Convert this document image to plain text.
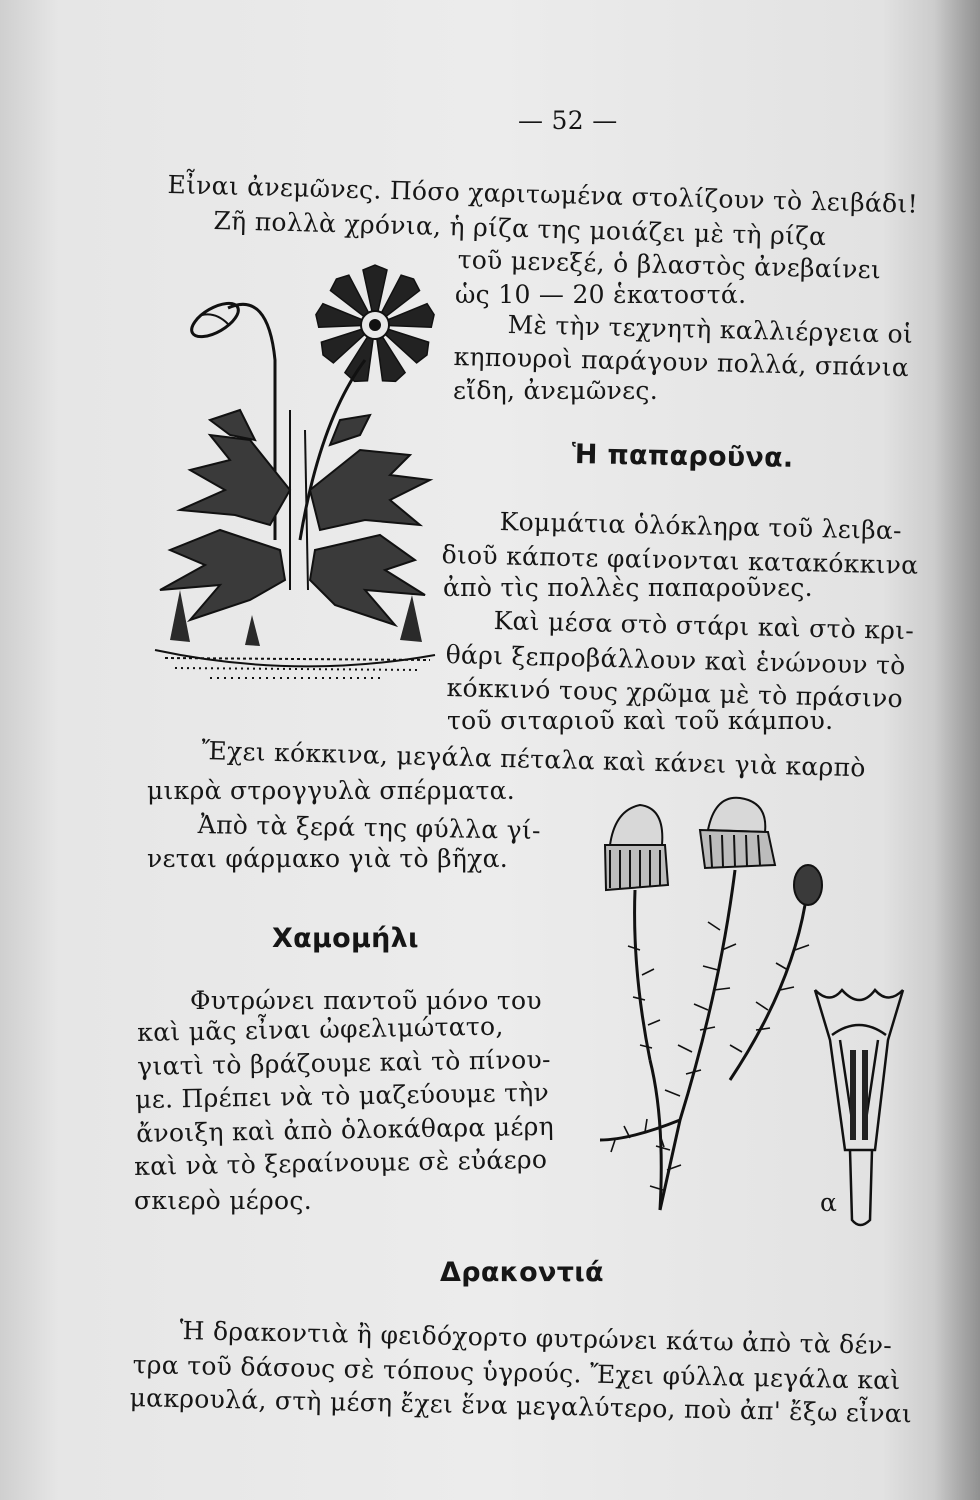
— 52 —
Εἶναι ἀνεμῶνες. Πόσο χαριτωμένα στολίζουν τὸ λειβάδι!
Ζῆ πολλὰ χρόνια, ἡ ρίζα της μοιάζει μὲ τὴ ρίζα
τοῦ μενεξέ, ὁ βλαστὸς ἀνεβαίνει
ὡς 10 — 20 ἑκατοστά.
Μὲ τὴν τεχνητὴ καλλιέργεια οἱ
κηπουροὶ παράγουν πολλά, σπάνια
εἴδη, ἀνεμῶνες.
Ἡ παπαροῦνα.
Κομμάτια ὁλόκληρα τοῦ λειβα-
διοῦ κάποτε φαίνονται κατακόκκινα
ἀπὸ τὶς πολλὲς παπαροῦνες.
Καὶ μέσα στὸ στάρι καὶ στὸ κρι-
θάρι ξεπροβάλλουν καὶ ἑνώνουν τὸ
κόκκινό τους χρῶμα μὲ τὸ πράσινο
τοῦ σιταριοῦ καὶ τοῦ κάμπου.
Ἔχει κόκκινα, μεγάλα πέταλα καὶ κάνει γιὰ καρπὸ
μικρὰ στρογγυλὰ σπέρματα.
Ἀπὸ τὰ ξερά της φύλλα γί-
νεται φάρμακο γιὰ τὸ βῆχα.
Χαμομήλι
Φυτρώνει παντοῦ μόνο του
καὶ μᾶς εἶναι ὠφελιμώτατο,
γιατὶ τὸ βράζουμε καὶ τὸ πίνου-
με. Πρέπει νὰ τὸ μαζεύουμε τὴν
ἄνοιξη καὶ ἀπὸ ὁλοκάθαρα μέρη
καὶ νὰ τὸ ξεραίνουμε σὲ εὐάερο
σκιερὸ μέρος.	α
Δρακοντιά
Ἡ δρακοντιὰ ἢ φειδόχορτο φυτρώνει κάτω ἀπὸ τὰ δέν-
τρα τοῦ δάσους σὲ τόπους ὑγρούς. Ἔχει φύλλα μεγάλα καὶ
μακρουλά, στὴ μέση ἔχει ἕνα μεγαλύτερο, ποὺ ἀπ' ἔξω εἶναι
